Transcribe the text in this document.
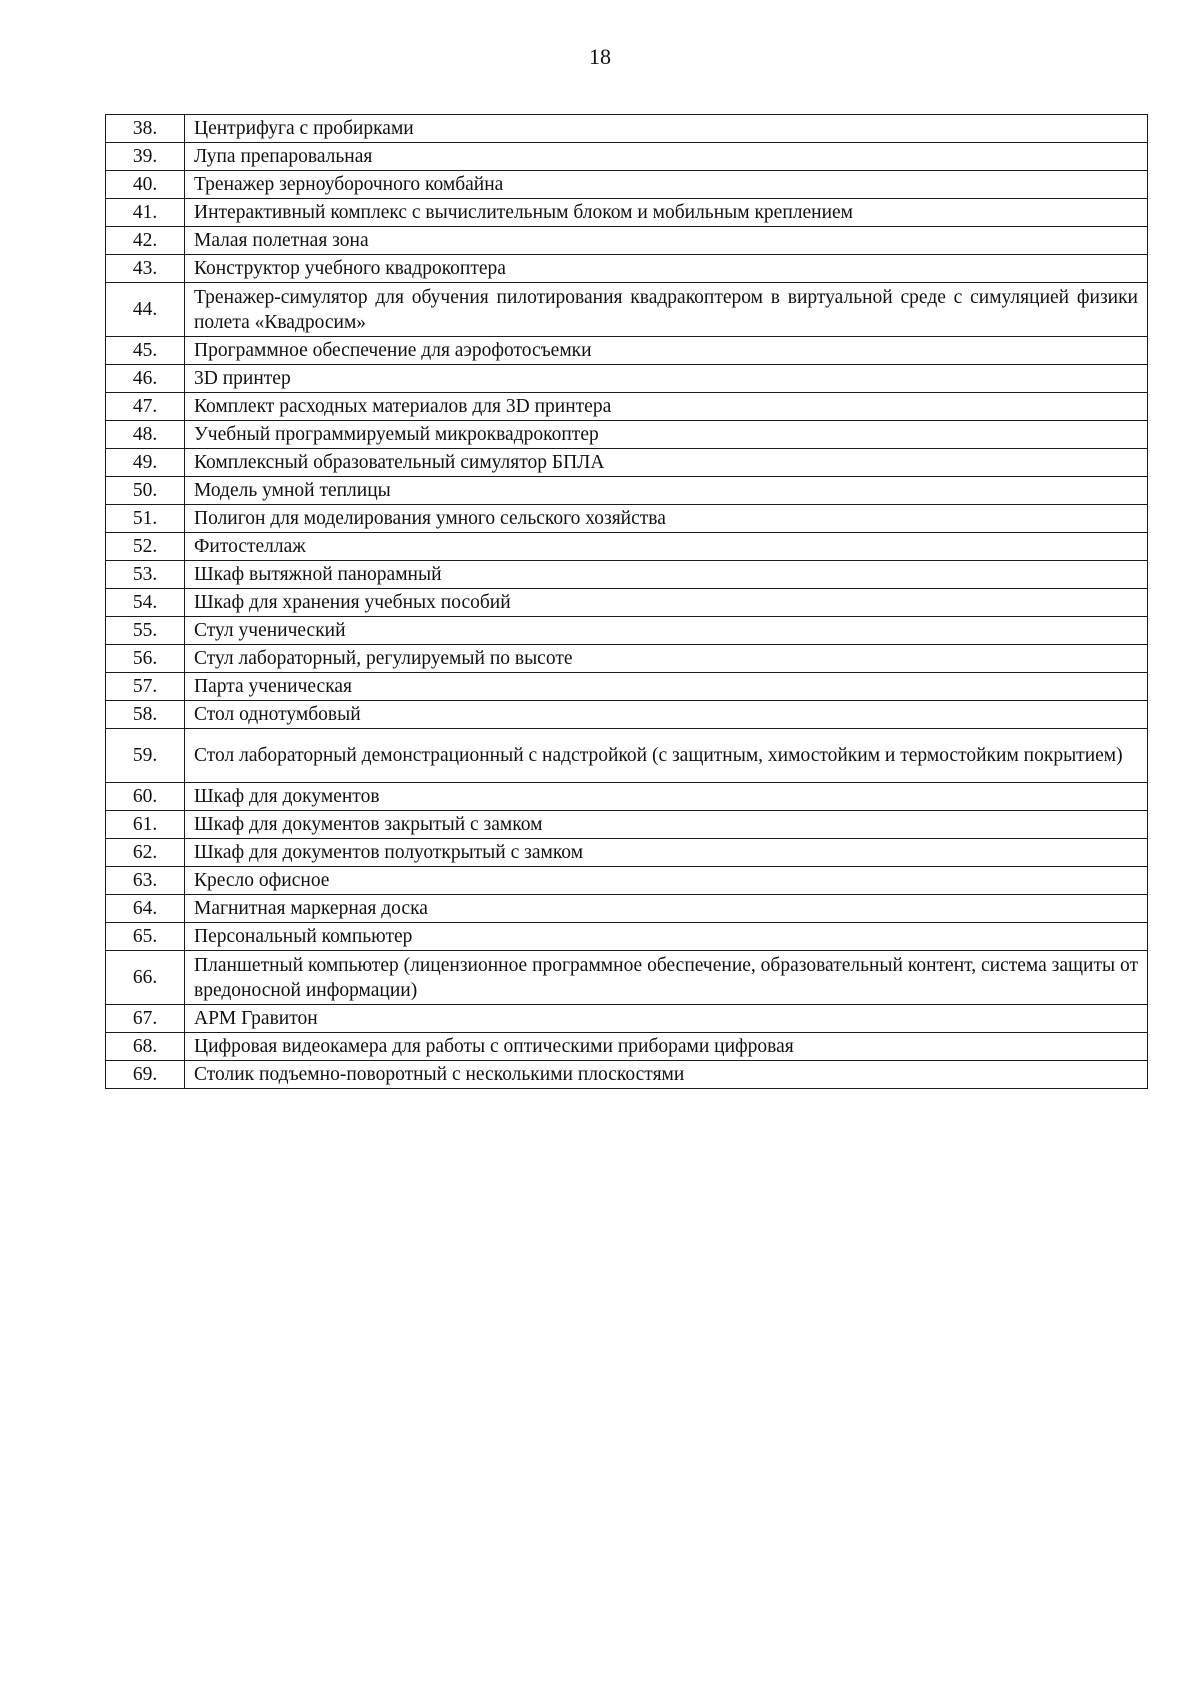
18
38.	Центрифуга с пробирками
39.	Лупа препаровальная
40.	Тренажер зерноуборочного комбайна
41.	Интерактивный комплекс с вычислительным блоком и мобильным креплением
42.	Малая полетная зона
43.	Конструктор учебного квадрокоптера
44.	Тренажер-симулятор для обучения пилотирования квадракоптером в виртуальной среде с симуляцией физики полета «Квадросим»
45.	Программное обеспечение для аэрофотосъемки
46.	3D принтер
47.	Комплект расходных материалов для 3D принтера
48.	Учебный программируемый микроквадрокоптер
49.	Комплексный образовательный симулятор БПЛА
50.	Модель умной теплицы
51.	Полигон для моделирования умного сельского хозяйства
52.	Фитостеллаж
53.	Шкаф вытяжной панорамный
54.	Шкаф для хранения учебных пособий
55.	Стул ученический
56.	Стул лабораторный, регулируемый по высоте
57.	Парта ученическая
58.	Стол однотумбовый
59.	Стол лабораторный демонстрационный с надстройкой (с защитным, химостойким и термостойким покрытием)
60.	Шкаф для документов
61.	Шкаф для документов закрытый с замком
62.	Шкаф для документов полуоткрытый с замком
63.	Кресло офисное
64.	Магнитная маркерная доска
65.	Персональный компьютер
66.	Планшетный компьютер (лицензионное программное обеспечение, образовательный контент, система защиты от вредоносной информации)
67.	АРМ Гравитон
68.	Цифровая видеокамера для работы с оптическими приборами цифровая
69.	Столик подъемно-поворотный с несколькими плоскостями
